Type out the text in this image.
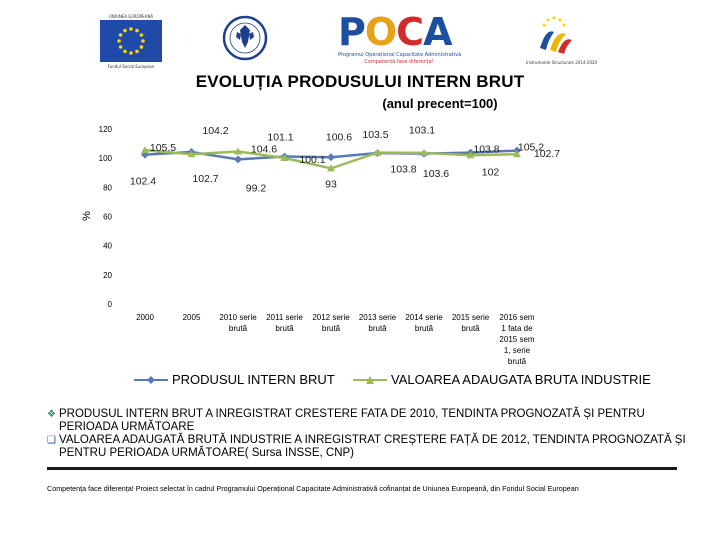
UNIUNEA EUROPEANĂ
Fondul Social European
POCA
Programul Operațional Capacitate Administrativă
Competență face diferența!	Instrumente Structurale 2014-2020
EVOLUȚIA PRODUSULUI INTERN BRUT
(anul precent=100)
%
0
20
40
60
80
100
120
2000	2005 2010 serie brută
2011 serie brută
2012 serie brută
2013 serie brută
2014 serie brută
2015 serie brută
2016 sem 1 fata de 2015 sem 1, serie brută
102.4
104.2
99.2
101.1	100.6 103.5 103.1
103.8 105.2
105.5
102.7
104.6
100.1
93
103.8 103.6	102
102.7
PRODUSUL INTERN BRUT	VALOAREA ADAUGATA BRUTA INDUSTRIE
❖ PRODUSUL INTERN BRUT A INREGISTRAT CRESTERE FATA DE 2010, TENDINTA PROGNOZATĂ ȘI PENTRU
PERIOADA URMĂTOARE
❑ VALOAREA ADAUGATĂ BRUTĂ INDUSTRIE A INREGISTRAT CREȘTERE FAȚĂ DE 2012, TENDINTA PROGNOZATĂ ȘI
PENTRU PERIOADA URMĂTOARE( Sursa INSSE, CNP)
Competența face diferența! Proiect selectat în cadrul Programului Operațional Capacitate Administrativă cofinanțat de Uniunea Europeană, din Fondul Social European
